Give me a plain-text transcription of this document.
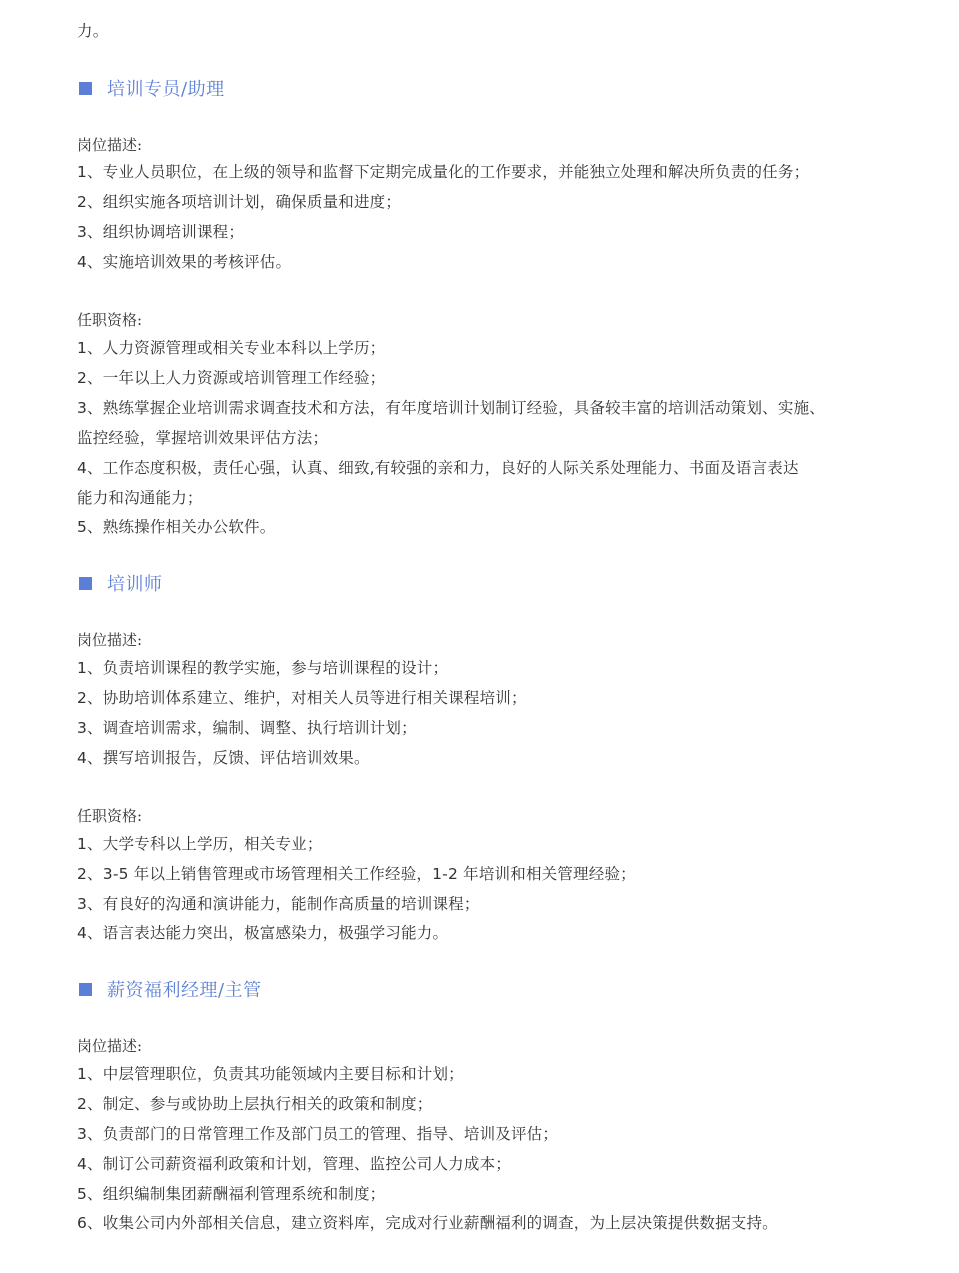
力。
培训专员/助理
岗位描述:
1、专业人员职位，在上级的领导和监督下定期完成量化的工作要求，并能独立处理和解决所负责的任务；
2、组织实施各项培训计划，确保质量和进度；
3、组织协调培训课程；
4、实施培训效果的考核评估。
任职资格:
1、人力资源管理或相关专业本科以上学历；
2、一年以上人力资源或培训管理工作经验；
3、熟练掌握企业培训需求调查技术和方法，有年度培训计划制订经验，具备较丰富的培训活动策划、实施、
监控经验，掌握培训效果评估方法；
4、工作态度积极，责任心强，认真、细致,有较强的亲和力，良好的人际关系处理能力、书面及语言表达
能力和沟通能力；
5、熟练操作相关办公软件。
培训师
岗位描述:
1、负责培训课程的教学实施，参与培训课程的设计；
2、协助培训体系建立、维护，对相关人员等进行相关课程培训；
3、调查培训需求，编制、调整、执行培训计划；
4、撰写培训报告，反馈、评估培训效果。
任职资格:
1、大学专科以上学历，相关专业；
2、3-5 年以上销售管理或市场管理相关工作经验，1-2 年培训和相关管理经验；
3、有良好的沟通和演讲能力，能制作高质量的培训课程；
4、语言表达能力突出，极富感染力，极强学习能力。
薪资福利经理/主管
岗位描述:
1、中层管理职位，负责其功能领域内主要目标和计划；
2、制定、参与或协助上层执行相关的政策和制度；
3、负责部门的日常管理工作及部门员工的管理、指导、培训及评估；
4、制订公司薪资福利政策和计划，管理、监控公司人力成本；
5、组织编制集团薪酬福利管理系统和制度；
6、收集公司内外部相关信息，建立资料库，完成对行业薪酬福利的调查，为上层决策提供数据支持。
